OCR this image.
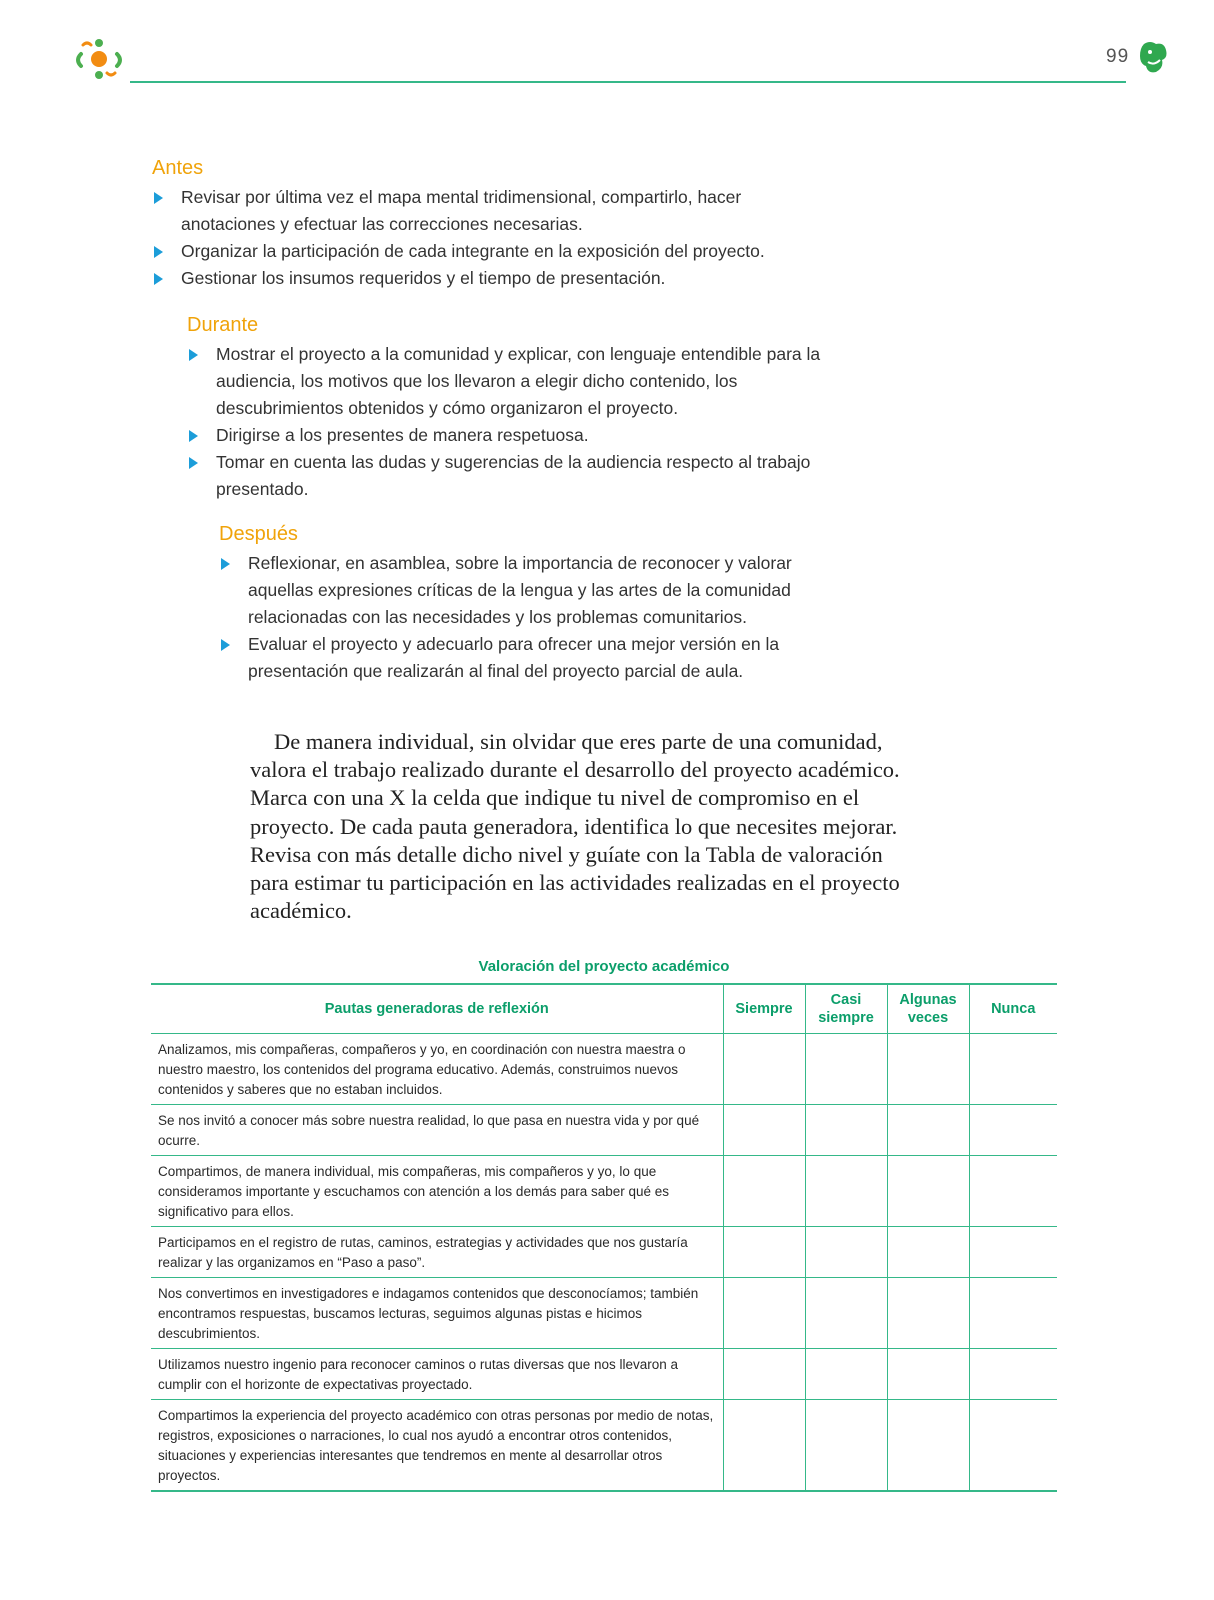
99
Antes
Revisar por última vez el mapa mental tridimensional, compartirlo, hacer anotaciones y efectuar las correcciones necesarias.
Organizar la participación de cada integrante en la exposición del proyecto.
Gestionar los insumos requeridos y el tiempo de presentación.
Durante
Mostrar el proyecto a la comunidad y explicar, con lenguaje entendible para la audiencia, los motivos que los llevaron a elegir dicho contenido, los descubrimientos obtenidos y cómo organizaron el proyecto.
Dirigirse a los presentes de manera respetuosa.
Tomar en cuenta las dudas y sugerencias de la audiencia respecto al trabajo presentado.
Después
Reflexionar, en asamblea, sobre la importancia de reconocer y valorar aquellas expresiones críticas de la lengua y las artes de la comunidad relacionadas con las necesidades y los problemas comunitarios.
Evaluar el proyecto y adecuarlo para ofrecer una mejor versión en la presentación que realizarán al final del proyecto parcial de aula.

De manera individual, sin olvidar que eres parte de una comunidad, valora el trabajo realizado durante el desarrollo del proyecto académico. Marca con una X la celda que indique tu nivel de compromiso en el proyecto. De cada pauta generadora, identifica lo que necesites mejorar. Revisa con más detalle dicho nivel y guíate con la Tabla de valoración para estimar tu participación en las actividades realizadas en el proyecto académico.

Valoración del proyecto académico
Pautas generadoras de reflexión	Siempre	Casi siempre	Algunas veces	Nunca
Analizamos, mis compañeras, compañeros y yo, en coordinación con nuestra maestra o nuestro maestro, los contenidos del programa educativo. Además, construimos nuevos contenidos y saberes que no estaban incluidos.				
Se nos invitó a conocer más sobre nuestra realidad, lo que pasa en nuestra vida y por qué ocurre.				
Compartimos, de manera individual, mis compañeras, mis compañeros y yo, lo que consideramos importante y escuchamos con atención a los demás para saber qué es significativo para ellos.				
Participamos en el registro de rutas, caminos, estrategias y actividades que nos gustaría realizar y las organizamos en “Paso a paso”.				
Nos convertimos en investigadores e indagamos contenidos que desconocíamos; también encontramos respuestas, buscamos lecturas, seguimos algunas pistas e hicimos descubrimientos.				
Utilizamos nuestro ingenio para reconocer caminos o rutas diversas que nos llevaron a cumplir con el horizonte de expectativas proyectado.				
Compartimos la experiencia del proyecto académico con otras personas por medio de notas, registros, exposiciones o narraciones, lo cual nos ayudó a encontrar otros contenidos, situaciones y experiencias interesantes que tendremos en mente al desarrollar otros proyectos.				
